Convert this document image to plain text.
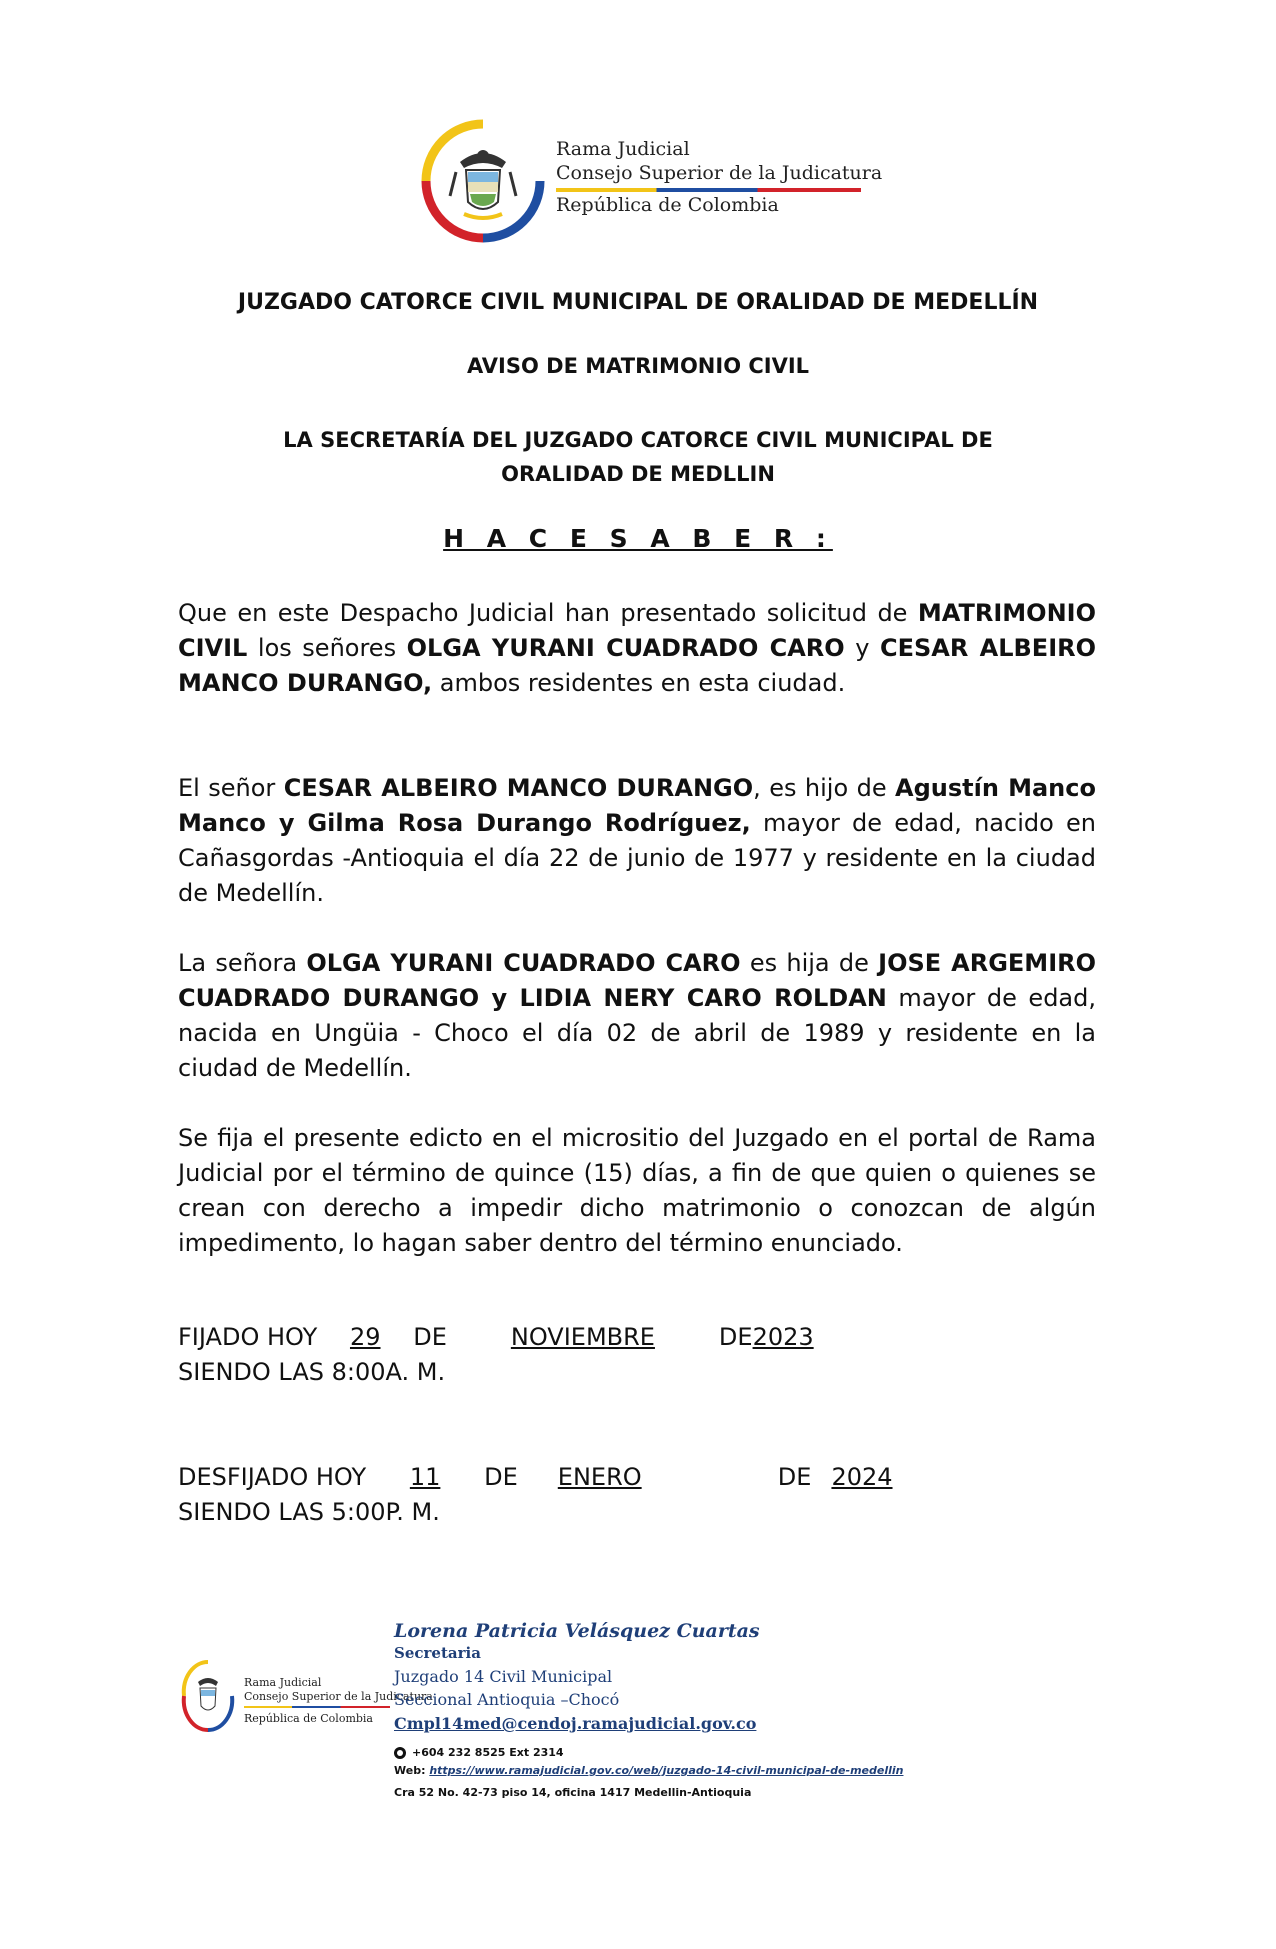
Rama Judicial
Consejo Superior de la Judicatura
República de Colombia
JUZGADO CATORCE CIVIL MUNICIPAL DE ORALIDAD DE MEDELLÍN
AVISO DE MATRIMONIO CIVIL
LA SECRETARÍA DEL JUZGADO CATORCE CIVIL MUNICIPAL DE
ORALIDAD DE MEDLLIN
H A C E S A B E R :
Que en este Despacho Judicial han presentado solicitud de MATRIMONIO CIVIL los señores OLGA YURANI CUADRADO CARO y CESAR ALBEIRO MANCO DURANGO, ambos residentes en esta ciudad.
El señor CESAR ALBEIRO MANCO DURANGO, es hijo de Agustín Manco Manco y Gilma Rosa Durango Rodríguez, mayor de edad, nacido en Cañasgordas -Antioquia el día 22 de junio de 1977 y residente en la ciudad de Medellín.
La señora OLGA YURANI CUADRADO CARO es hija de JOSE ARGEMIRO CUADRADO DURANGO y LIDIA NERY CARO ROLDAN mayor de edad, nacida en Ungüia - Choco el día 02 de abril de 1989 y residente en la ciudad de Medellín.
Se fija el presente edicto en el micrositio del Juzgado en el portal de Rama Judicial por el término de quince (15) días, a fin de que quien o quienes se crean con derecho a impedir dicho matrimonio o conozcan de algún impedimento, lo hagan saber dentro del término enunciado.
FIJADO HOY 29 DE	NOVIEMBRE	DE2023
SIENDO LAS 8:00A. M.
DESFIJADO HOY 11 DE ENERO	DE 2024
SIENDO LAS 5:00P. M.
Rama Judicial
Consejo Superior de la Judicatura
República de Colombia
Lorena Patricia Velásquez Cuartas
Secretaria
Juzgado 14 Civil Municipal
Seccional Antioquia –Chocó
Cmpl14med@cendoj.ramajudicial.gov.co
+604 232 8525 Ext 2314
Web: https://www.ramajudicial.gov.co/web/juzgado-14-civil-municipal-de-medellin
Cra 52 No. 42-73 piso 14, oficina 1417 Medellin-Antioquia
